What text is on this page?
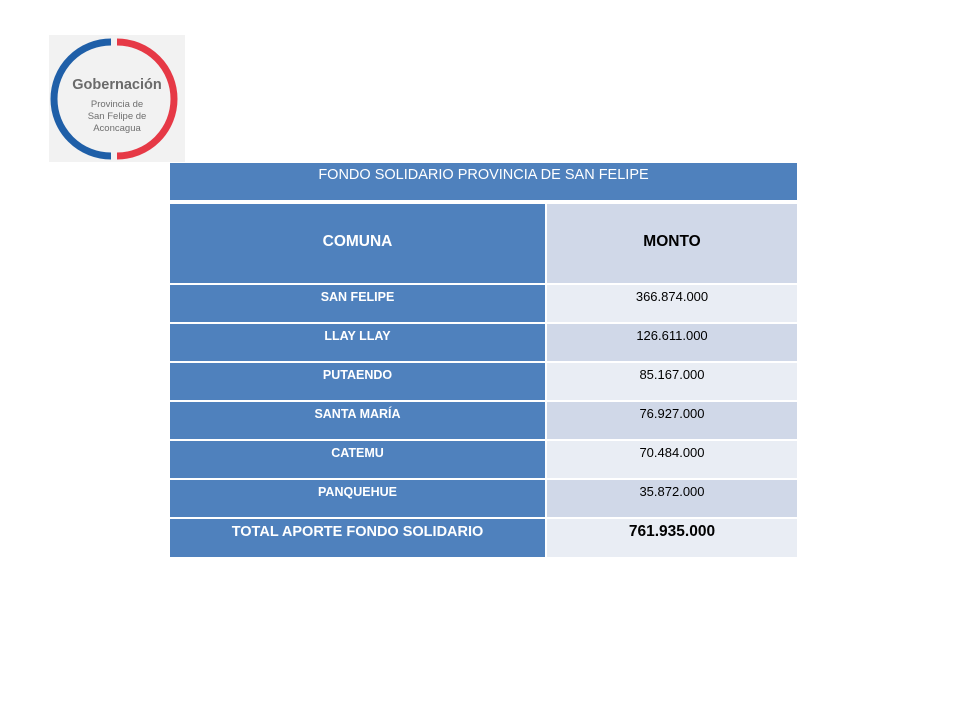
Gobernación
Provincia de
San Felipe de
Aconcagua
FONDO SOLIDARIO PROVINCIA DE SAN FELIPE
COMUNA	MONTO
SAN FELIPE	366.874.000
LLAY LLAY	126.611.000
PUTAENDO	85.167.000
SANTA MARÍA	76.927.000
CATEMU	70.484.000
PANQUEHUE	35.872.000
TOTAL APORTE FONDO SOLIDARIO	761.935.000
